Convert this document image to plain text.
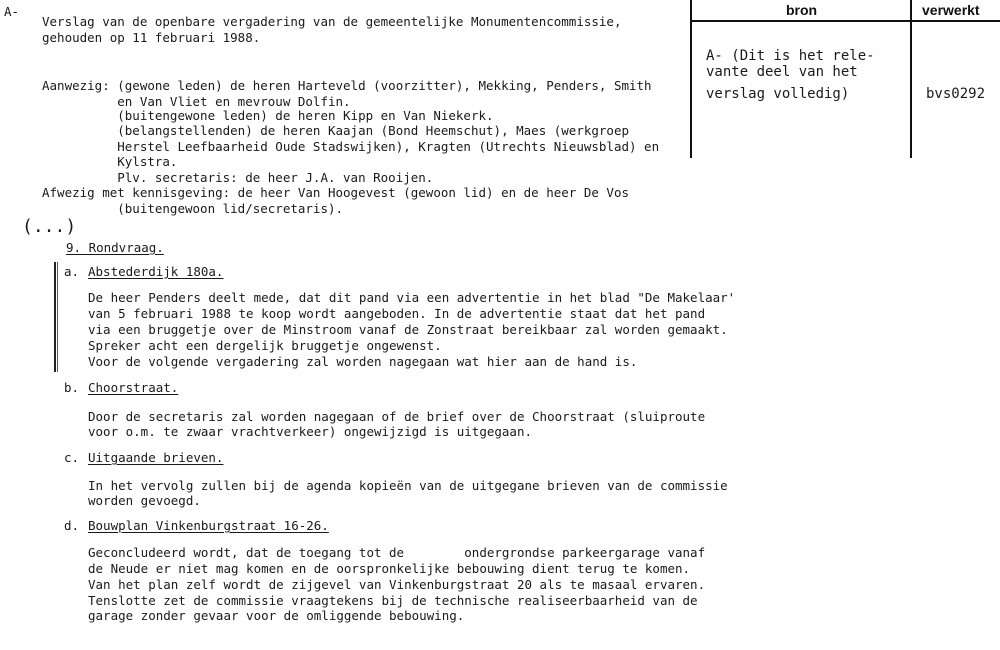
A-
Verslag van de openbare vergadering van de gemeentelijke Monumentencommissie,
gehouden op 11 februari 1988.
Aanwezig: (gewone leden) de heren Harteveld (voorzitter), Mekking, Penders, Smith
en Van Vliet en mevrouw Dolfin.
(buitengewone leden) de heren Kipp en Van Niekerk.
(belangstellenden) de heren Kaajan (Bond Heemschut), Maes (werkgroep
Herstel Leefbaarheid Oude Stadswijken), Kragten (Utrechts Nieuwsblad) en
Kylstra.
Plv. secretaris: de heer J.A. van Rooijen.
Afwezig met kennisgeving: de heer Van Hoogevest (gewoon lid) en de heer De Vos
(buitengewoon lid/secretaris).
(...)
9. Rondvraag.
a. Abstederdijk 180a.
De heer Penders deelt mede, dat dit pand via een advertentie in het blad "De Makelaar'
van 5 februari 1988 te koop wordt aangeboden. In de advertentie staat dat het pand
via een bruggetje over de Minstroom vanaf de Zonstraat bereikbaar zal worden gemaakt.
Spreker acht een dergelijk bruggetje ongewenst.
Voor de volgende vergadering zal worden nagegaan wat hier aan de hand is.
b. Choorstraat.
Door de secretaris zal worden nagegaan of de brief over de Choorstraat (sluiproute
voor o.m. te zwaar vrachtverkeer) ongewijzigd is uitgegaan.
c. Uitgaande brieven.
In het vervolg zullen bij de agenda kopieën van de uitgegane brieven van de commissie
worden gevoegd.
d. Bouwplan Vinkenburgstraat 16-26.
Geconcludeerd wordt, dat de toegang tot de        ondergrondse parkeergarage vanaf
de Neude er niet mag komen en de oorspronkelijke bebouwing dient terug te komen.
Van het plan zelf wordt de zijgevel van Vinkenburgstraat 20 als te masaal ervaren.
Tenslotte zet de commissie vraagtekens bij de technische realiseerbaarheid van de
garage zonder gevaar voor de omliggende bebouwing.
bron	verwerkt
A- (Dit is het rele-
vante deel van het
verslag volledig)	bvs0292
